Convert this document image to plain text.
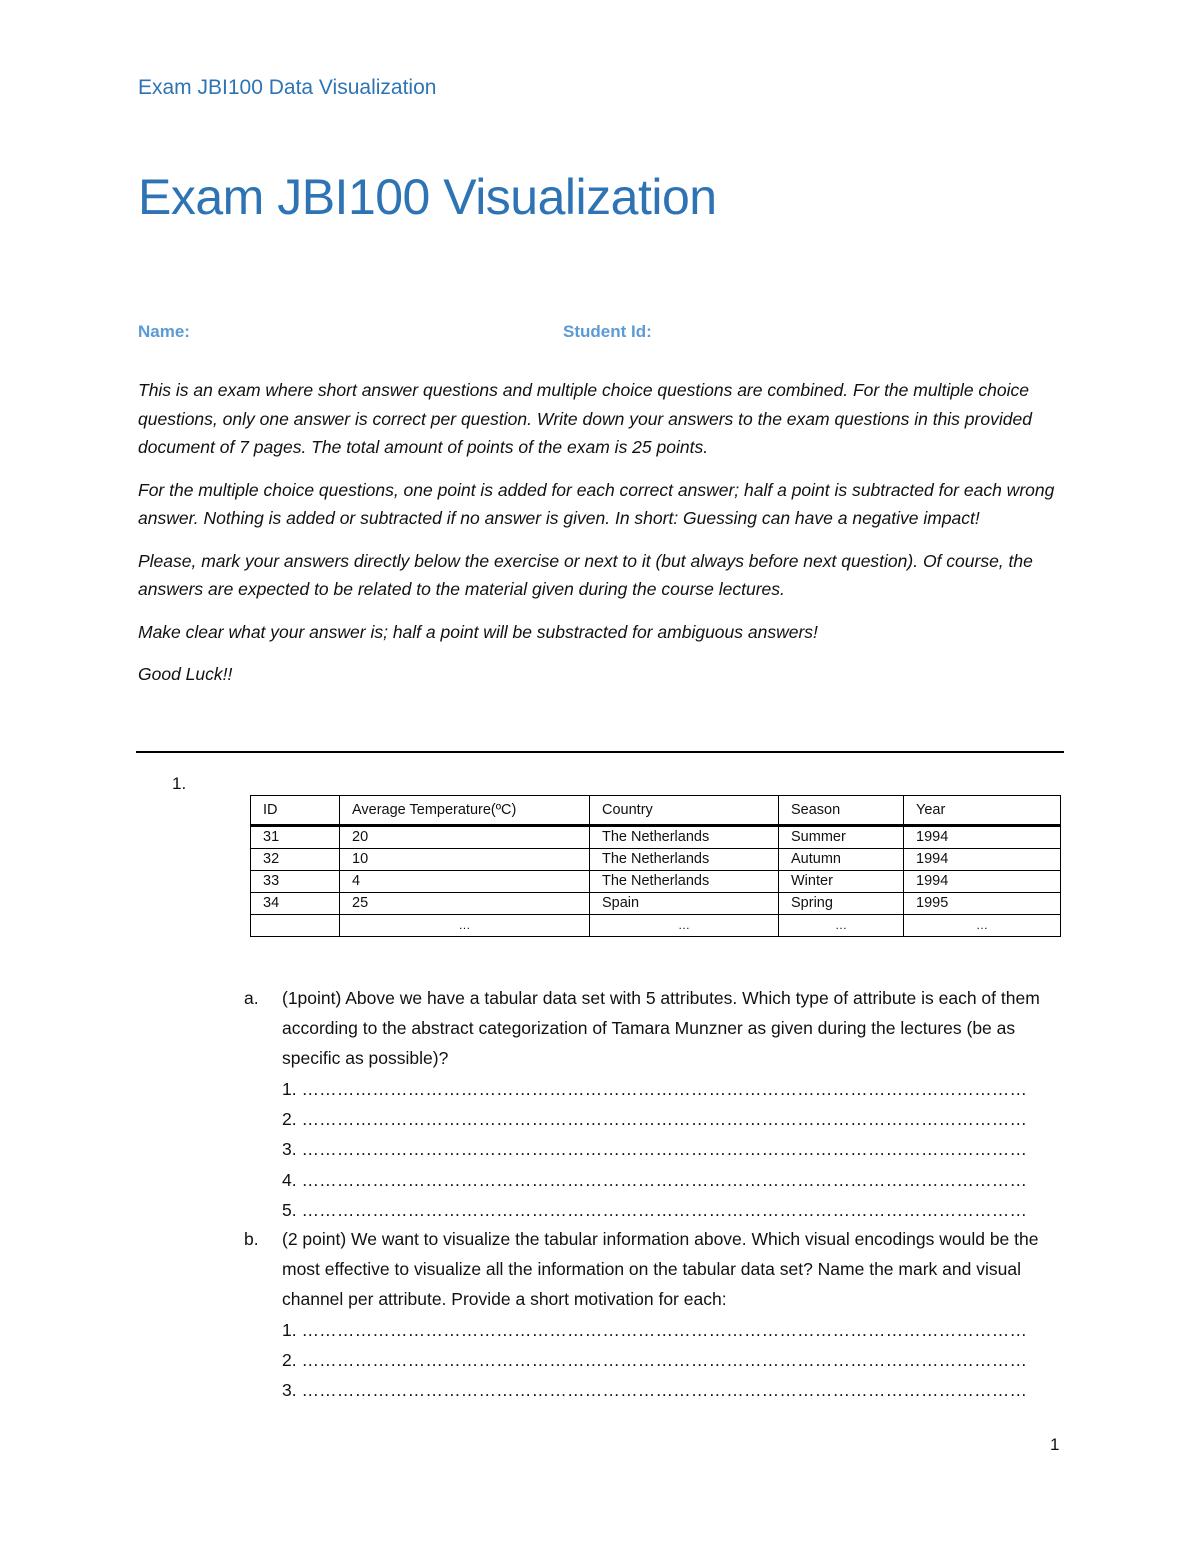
Exam JBI100 Data Visualization
Exam JBI100 Visualization
Name:	Student Id:

This is an exam where short answer questions and multiple choice questions are combined. For the multiple choice questions, only one answer is correct per question. Write down your answers to the exam questions in this provided document of 7 pages. The total amount of points of the exam is 25 points.

For the multiple choice questions, one point is added for each correct answer; half a point is subtracted for each wrong answer. Nothing is added or subtracted if no answer is given. In short: Guessing can have a negative impact!

Please, mark your answers directly below the exercise or next to it (but always before next question). Of course, the answers are expected to be related to the material given during the course lectures.

Make clear what your answer is; half a point will be substracted for ambiguous answers!

Good Luck!!

1.
ID	Average Temperature(ºC)	Country	Season	Year
31	20	The Netherlands	Summer	1994
32	10	The Netherlands	Autumn	1994
33	4	The Netherlands	Winter	1994
34	25	Spain	Spring	1995
	…	…	…	…
a. (1point) Above we have a tabular data set with 5 attributes. Which type of attribute is each of them according to the abstract categorization of Tamara Munzner as given during the lectures (be as specific as possible)?
1. ……………………………………………………………………………………………………………
2. ……………………………………………………………………………………………………………
3. ……………………………………………………………………………………………………………
4. ……………………………………………………………………………………………………………
5. ……………………………………………………………………………………………………………
b. (2 point) We want to visualize the tabular information above. Which visual encodings would be the most effective to visualize all the information on the tabular data set? Name the mark and visual channel per attribute. Provide a short motivation for each:
1. ……………………………………………………………………………………………………………
2. ……………………………………………………………………………………………………………
3. ……………………………………………………………………………………………………………
1
